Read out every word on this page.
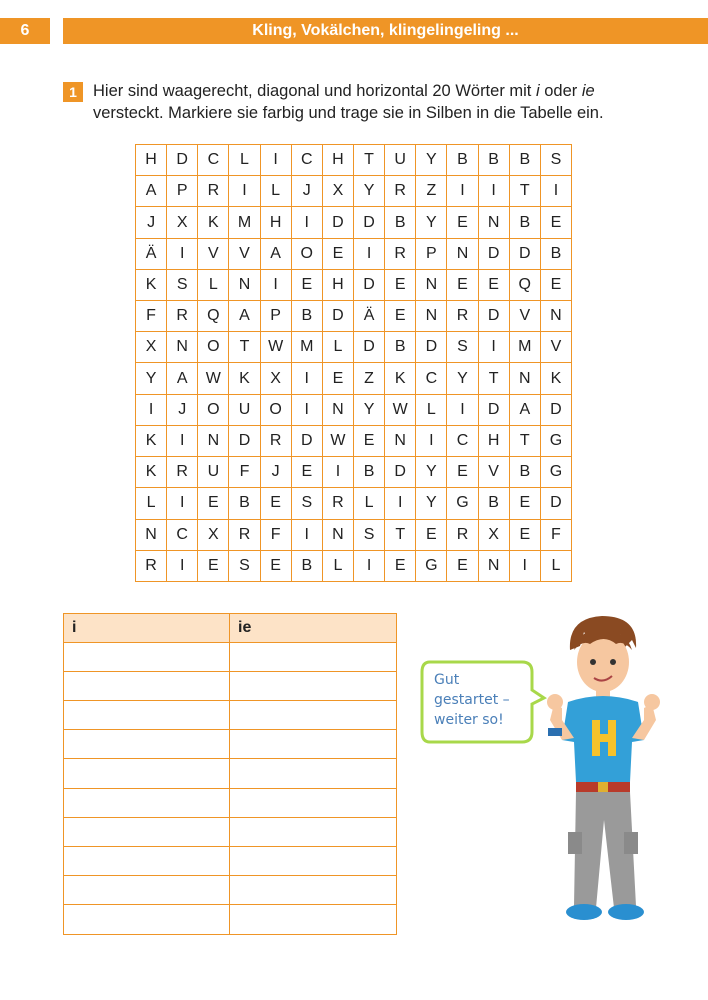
6	Kling, Vokälchen, klingelingeling ...
1 Hier sind waagerecht, diagonal und horizontal 20 Wörter mit i oder ie
versteckt. Markiere sie farbig und trage sie in Silben in die Tabelle ein.
H	D	C	L	I	C	H	T	U	Y	B	B	B	S
A	P	R	I	L	J	X	Y	R	Z	I	I	T	I
J	X	K	M	H	I	D	D	B	Y	E	N	B	E
Ä	I	V	V	A	O	E	I	R	P	N	D	D	B
K	S	L	N	I	E	H	D	E	N	E	E	Q	E
F	R	Q	A	P	B	D	Ä	E	N	R	D	V	N
X	N	O	T	W	M	L	D	B	D	S	I	M	V
Y	A	W	K	X	I	E	Z	K	C	Y	T	N	K
I	J	O	U	O	I	N	Y	W	L	I	D	A	D
K	I	N	D	R	D	W	E	N	I	C	H	T	G
K	R	U	F	J	E	I	B	D	Y	E	V	B	G
L	I	E	B	E	S	R	L	I	Y	G	B	E	D
N	C	X	R	F	I	N	S	T	E	R	X	E	F
R	I	E	S	E	B	L	I	E	G	E	N	I	L
i	ie
Gut
gestartet –
weiter so!
